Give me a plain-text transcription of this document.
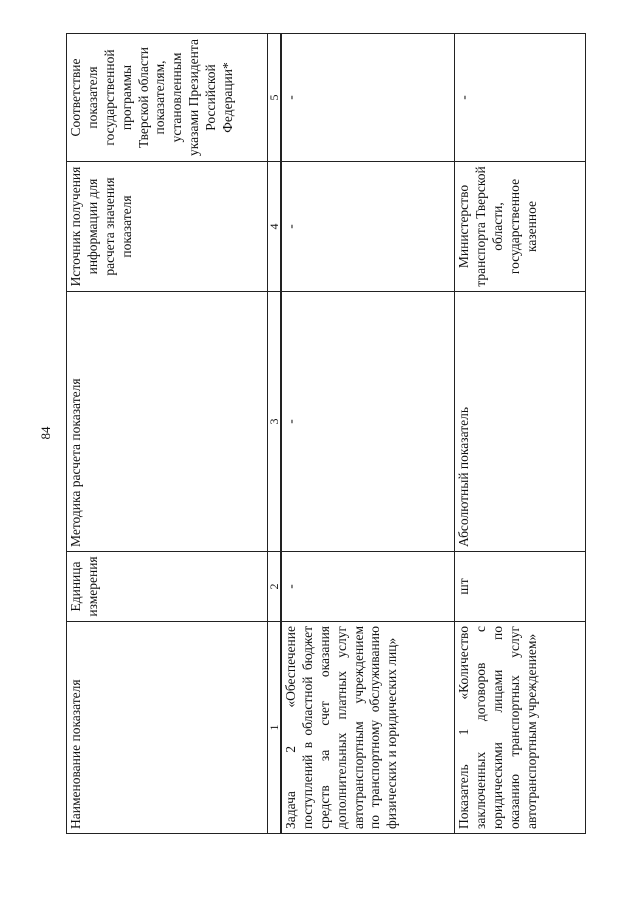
84
Наименование показателя	Единица измерения	Методика расчета показателя	Источник получения информации для расчета значения показателя	Соответствие показателя государственной программы Тверской области показателям, установленным указами Президента Российской Федерации*
1	2	3	4	5
Задача 2 «Обеспечение поступлений в областной бюджет средств за счет оказания дополнительных платных услуг автотранспортным учреждением по транспортному обслуживанию физических и юридических лиц»	-	-	-	-
Показатель 1 «Количество заключенных договоров с юридическими лицами по оказанию транспортных услуг автотранспортным учреждением»	шт	Абсолютный показатель	Министерство транспорта Тверской области, государственное казенное	-
